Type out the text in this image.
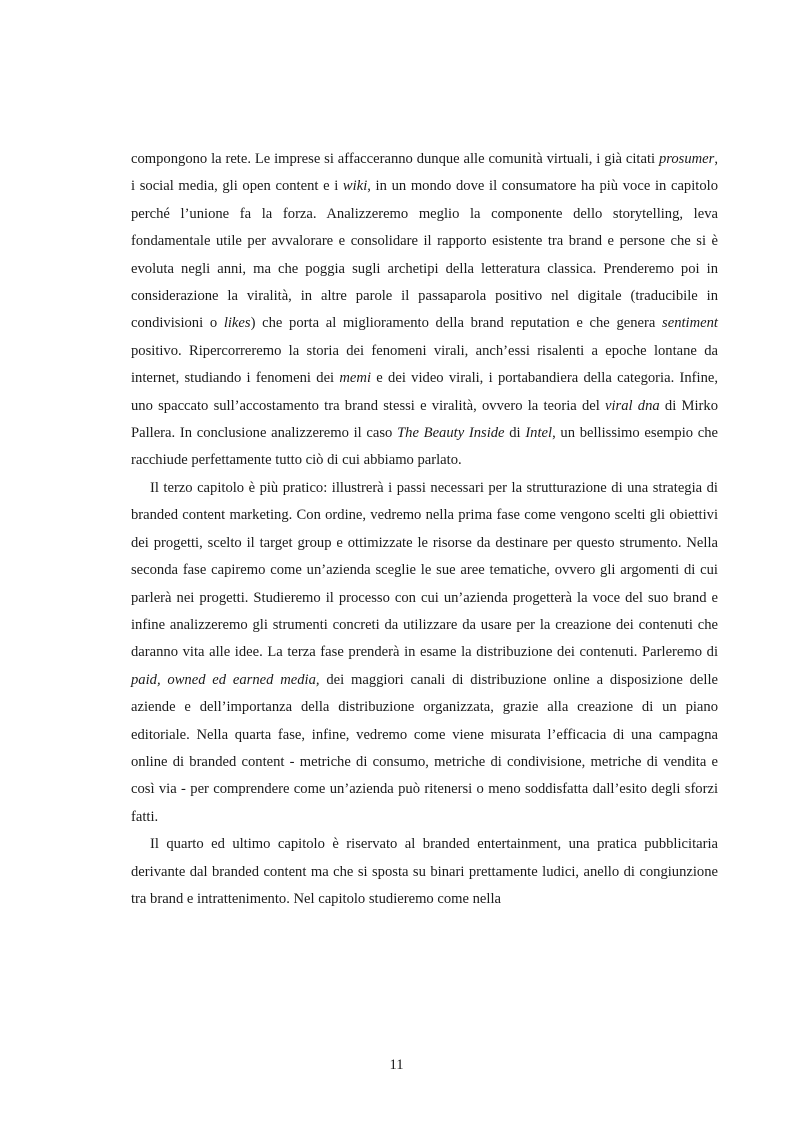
compongono la rete. Le imprese si affacceranno dunque alle comunità virtuali, i già citati prosumer, i social media, gli open content e i wiki, in un mondo dove il consumatore ha più voce in capitolo perché l’unione fa la forza. Analizzeremo meglio la componente dello storytelling, leva fondamentale utile per avvalorare e consolidare il rapporto esistente tra brand e persone che si è evoluta negli anni, ma che poggia sugli archetipi della letteratura classica. Prenderemo poi in considerazione la viralità, in altre parole il passaparola positivo nel digitale (traducibile in condivisioni o likes) che porta al miglioramento della brand reputation e che genera sentiment positivo. Ripercorreremo la storia dei fenomeni virali, anch’essi risalenti a epoche lontane da internet, studiando i fenomeni dei memi e dei video virali, i portabandiera della categoria. Infine, uno spaccato sull’accostamento tra brand stessi e viralità, ovvero la teoria del viral dna di Mirko Pallera. In conclusione analizzeremo il caso The Beauty Inside di Intel, un bellissimo esempio che racchiude perfettamente tutto ciò di cui abbiamo parlato.

Il terzo capitolo è più pratico: illustrerà i passi necessari per la strutturazione di una strategia di branded content marketing. Con ordine, vedremo nella prima fase come vengono scelti gli obiettivi dei progetti, scelto il target group e ottimizzate le risorse da destinare per questo strumento. Nella seconda fase capiremo come un’azienda sceglie le sue aree tematiche, ovvero gli argomenti di cui parlerà nei progetti. Studieremo il processo con cui un’azienda progetterà la voce del suo brand e infine analizzeremo gli strumenti concreti da utilizzare da usare per la creazione dei contenuti che daranno vita alle idee. La terza fase prenderà in esame la distribuzione dei contenuti. Parleremo di paid, owned ed earned media, dei maggiori canali di distribuzione online a disposizione delle aziende e dell’importanza della distribuzione organizzata, grazie alla creazione di un piano editoriale. Nella quarta fase, infine, vedremo come viene misurata l’efficacia di una campagna online di branded content - metriche di consumo, metriche di condivisione, metriche di vendita e così via - per comprendere come un’azienda può ritenersi o meno soddisfatta dall’esito degli sforzi fatti.

Il quarto ed ultimo capitolo è riservato al branded entertainment, una pratica pubblicitaria derivante dal branded content ma che si sposta su binari prettamente ludici, anello di congiunzione tra brand e intrattenimento. Nel capitolo studieremo come nella

11
